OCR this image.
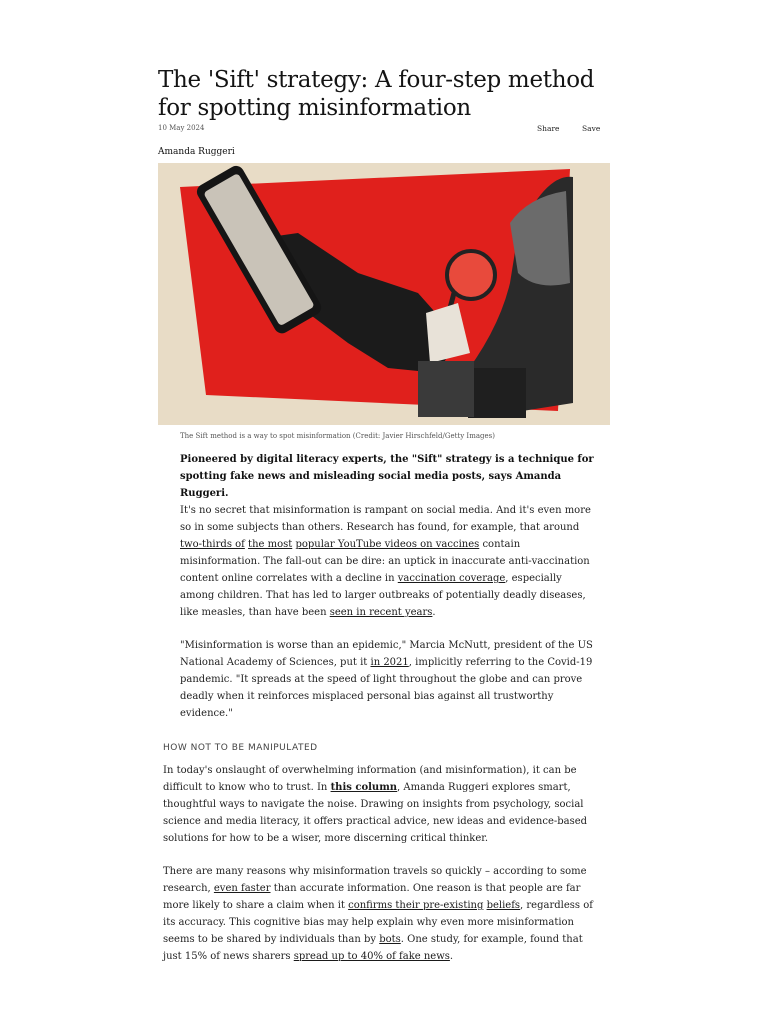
The 'Sift' strategy: A four-step method for spotting misinformation
10 May 2024	Share	Save
Amanda Ruggeri
The Sift method is a way to spot misinformation (Credit: Javier Hirschfeld/Getty Images)

Pioneered by digital literacy experts, the "Sift" strategy is a technique for spotting fake news and misleading social media posts, says Amanda Ruggeri.

It's no secret that misinformation is rampant on social media. And it's even more so in some subjects than others. Research has found, for example, that around two-thirds of the most popular YouTube videos on vaccines contain misinformation. The fall-out can be dire: an uptick in inaccurate anti-vaccination content online correlates with a decline in vaccination coverage, especially among children. That has led to larger outbreaks of potentially deadly diseases, like measles, than have been seen in recent years.

"Misinformation is worse than an epidemic," Marcia McNutt, president of the US National Academy of Sciences, put it in 2021, implicitly referring to the Covid-19 pandemic. "It spreads at the speed of light throughout the globe and can prove deadly when it reinforces misplaced personal bias against all trustworthy evidence."

HOW NOT TO BE MANIPULATED

In today's onslaught of overwhelming information (and misinformation), it can be difficult to know who to trust. In this column, Amanda Ruggeri explores smart, thoughtful ways to navigate the noise. Drawing on insights from psychology, social science and media literacy, it offers practical advice, new ideas and evidence-based solutions for how to be a wiser, more discerning critical thinker.

There are many reasons why misinformation travels so quickly – according to some research, even faster than accurate information. One reason is that people are far more likely to share a claim when it confirms their pre-existing beliefs, regardless of its accuracy. This cognitive bias may help explain why even more misinformation seems to be shared by individuals than by bots. One study, for example, found that just 15% of news sharers spread up to 40% of fake news.
